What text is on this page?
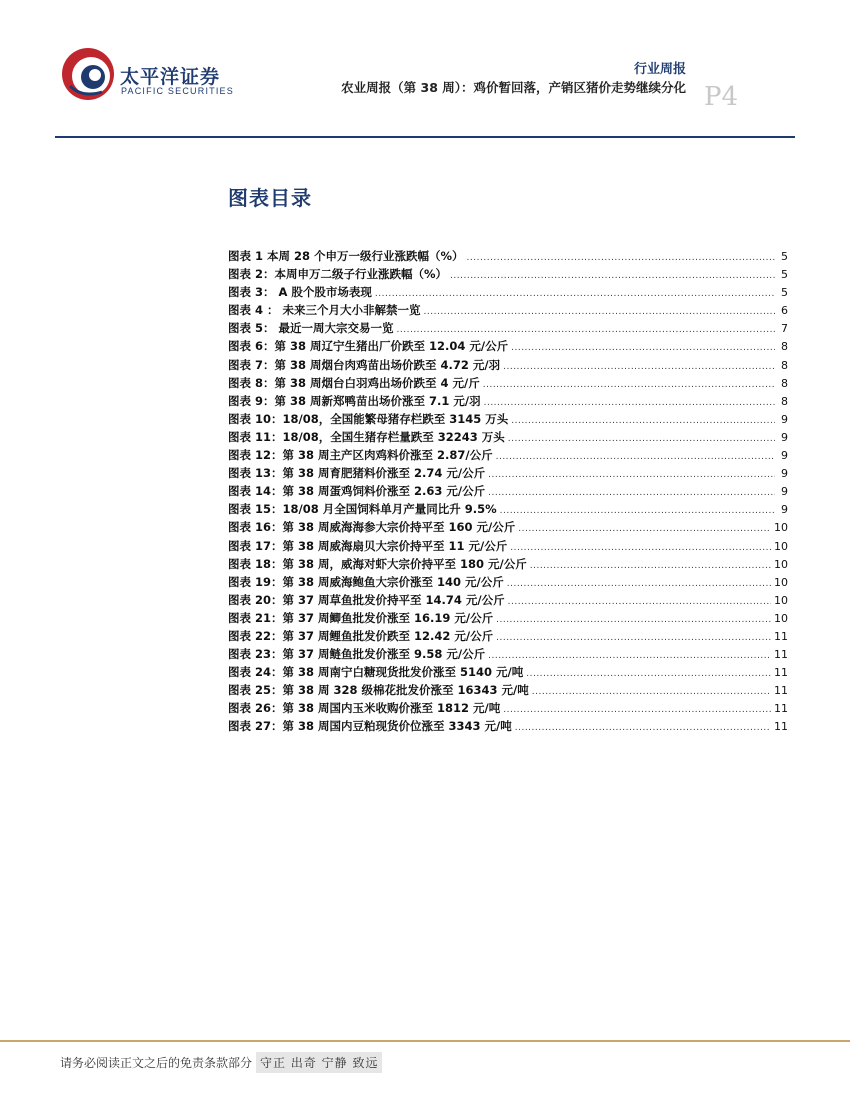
太平洋证券
PACIFIC SECURITIES
行业周报
农业周报（第 38 周）：鸡价暂回落，产销区猪价走势继续分化 P4
图表目录
图表 1 本周 28 个申万一级行业涨跌幅（%） .....	5
图表 2：本周申万二级子行业涨跌幅（%） .....	5
图表 3： A 股个股市场表现 .....	5
图表 4 ： 未来三个月大小非解禁一览 .....	6
图表 5： 最近一周大宗交易一览 .....	7
图表 6：第 38 周辽宁生猪出厂价跌至 12.04 元/公斤 .....	8
图表 7：第 38 周烟台肉鸡苗出场价跌至 4.72 元/羽 .....	8
图表 8：第 38 周烟台白羽鸡出场价跌至 4 元/斤 .....	8
图表 9：第 38 周新郑鸭苗出场价涨至 7.1 元/羽 .....	8
图表 10：18/08，全国能繁母猪存栏跌至 3145 万头 .....	9
图表 11：18/08，全国生猪存栏量跌至 32243 万头 .....	9
图表 12：第 38 周主产区肉鸡料价涨至 2.87/公斤 .....	9
图表 13：第 38 周育肥猪料价涨至 2.74 元/公斤 .....	9
图表 14：第 38 周蛋鸡饲料价涨至 2.63 元/公斤 .....	9
图表 15：18/08 月全国饲料单月产量同比升 9.5% .....	9
图表 16：第 38 周威海海参大宗价持平至 160 元/公斤 .....	10
图表 17：第 38 周威海扇贝大宗价持平至 11 元/公斤 .....	10
图表 18：第 38 周，威海对虾大宗价持平至 180 元/公斤 .....	10
图表 19：第 38 周威海鲍鱼大宗价涨至 140 元/公斤 .....	10
图表 20：第 37 周草鱼批发价持平至 14.74 元/公斤 .....	10
图表 21：第 37 周鲫鱼批发价涨至 16.19 元/公斤 .....	10
图表 22：第 37 周鲤鱼批发价跌至 12.42 元/公斤 .....	11
图表 23：第 37 周鲢鱼批发价涨至 9.58 元/公斤 .....	11
图表 24：第 38 周南宁白糖现货批发价涨至 5140 元/吨 .....	11
图表 25：第 38 周 328 级棉花批发价涨至 16343 元/吨 .....	11
图表 26：第 38 周国内玉米收购价涨至 1812 元/吨 .....	11
图表 27：第 38 周国内豆粕现货价位涨至 3343 元/吨 .....	11
请务必阅读正文之后的免责条款部分 守正 出奇 宁静 致远
